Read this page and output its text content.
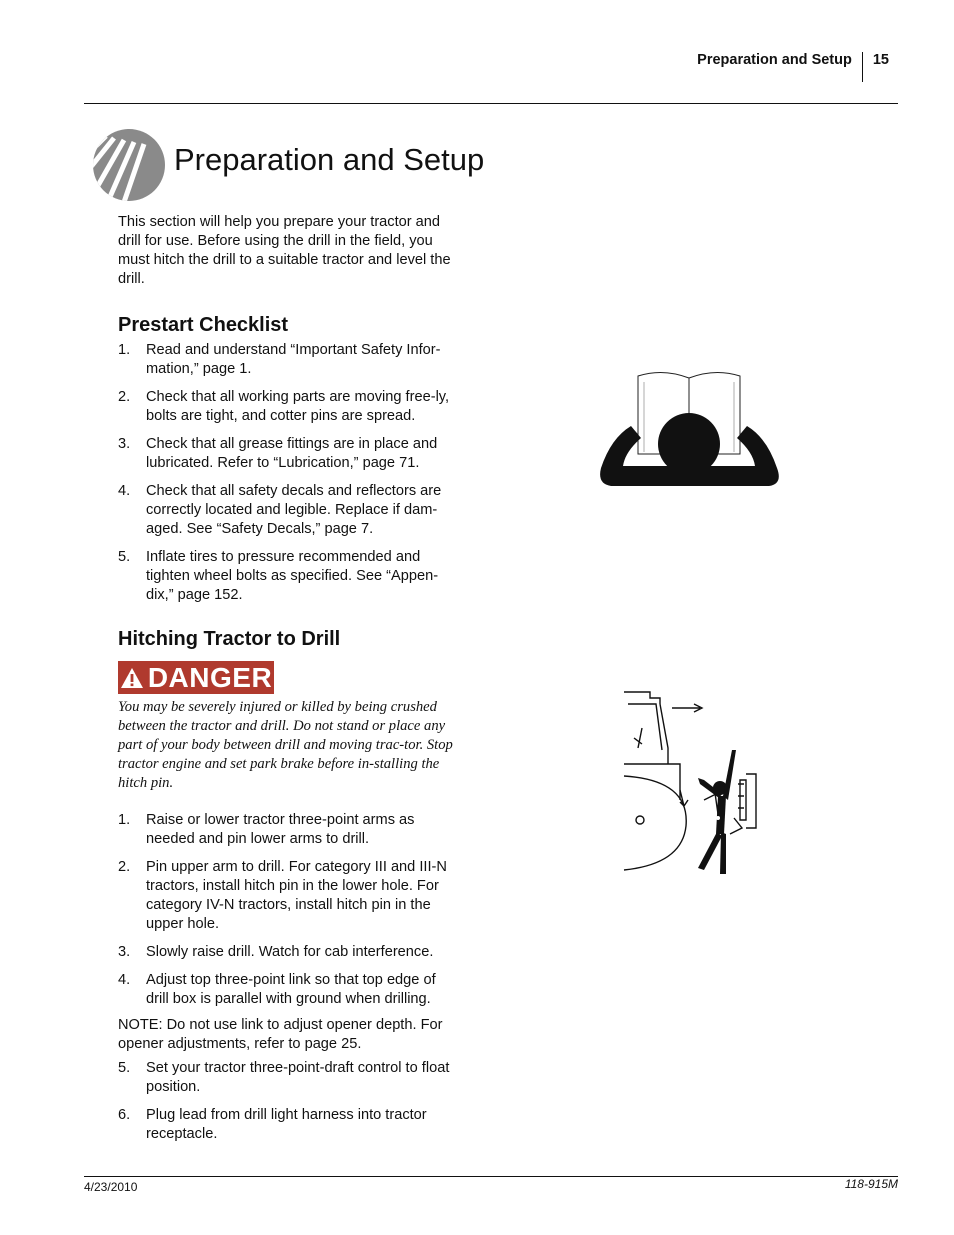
Preparation and Setup 15
Preparation and Setup

This section will help you prepare your tractor and drill for use. Before using the drill in the field, you must hitch the drill to a suitable tractor and level the drill.

Prestart Checklist
1.	Read and understand “Important Safety Infor-mation,” page 1.
2.	Check that all working parts are moving free-ly, bolts are tight, and cotter pins are spread.
3.	Check that all grease fittings are in place and lubricated. Refer to “Lubrication,” page 71.
4.	Check that all safety decals and reflectors are correctly located and legible. Replace if dam-aged. See “Safety Decals,” page 7.
5.	Inflate tires to pressure recommended and tighten wheel bolts as specified. See “Appen-dix,” page 152.
Hitching Tractor to Drill
DANGER

You may be severely injured or killed by being crushed between the tractor and drill. Do not stand or place any part of your body between drill and moving trac-tor. Stop tractor engine and set park brake before in-stalling the hitch pin.

1.	Raise or lower tractor three-point arms as needed and pin lower arms to drill.
2.	Pin upper arm to drill. For category III and III-N tractors, install hitch pin in the lower hole. For category IV-N tractors, install hitch pin in the upper hole.
3.	Slowly raise drill. Watch for cab interference.
4.	Adjust top three-point link so that top edge of drill box is parallel with ground when drilling.

NOTE: Do not use link to adjust opener depth. For opener adjustments, refer to page 25.

5.	Set your tractor three-point-draft control to float position.
6.	Plug lead from drill light harness into tractor receptacle.
4/23/2010	118-915M
